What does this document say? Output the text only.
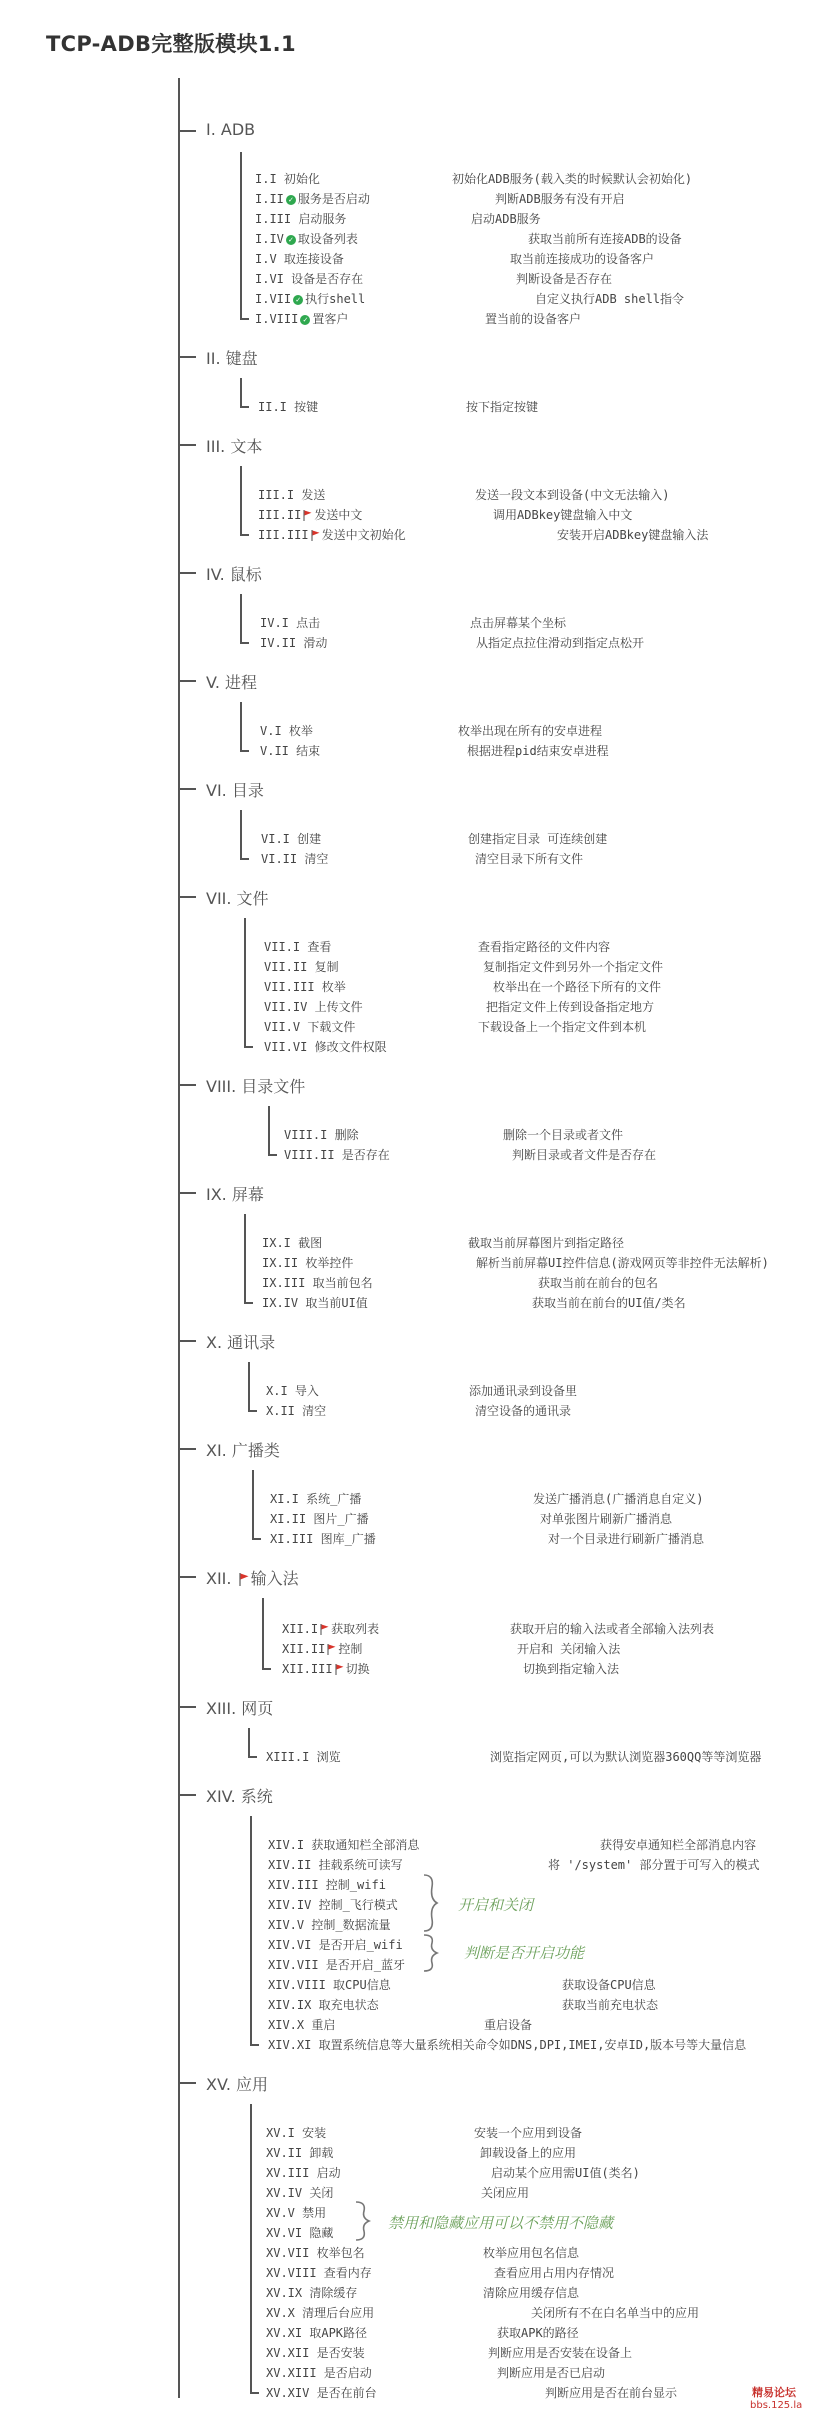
TCP-ADB完整版模块1.1
I. ADB
I.I 初始化	初始化ADB服务(载入类的时候默认会初始化)
I.II ✓ 服务是否启动	判断ADB服务有没有开启
I.III 启动服务	启动ADB服务
I.IV ✓ 取设备列表	获取当前所有连接ADB的设备
I.V 取连接设备	取当前连接成功的设备客户
I.VI 设备是否存在	判断设备是否存在
I.VII ✓ 执行shell	自定义执行ADB shell指令
I.VIII ✓ 置客户	置当前的设备客户
II. 键盘
II.I 按键	按下指定按键
III. 文本
III.I 发送	发送一段文本到设备(中文无法输入)
III.II 发送中文	调用ADBkey键盘输入中文
III.III 发送中文初始化	安装开启ADBkey键盘输入法
IV. 鼠标
IV.I 点击	点击屏幕某个坐标
IV.II 滑动	从指定点拉住滑动到指定点松开
V. 进程
V.I 枚举	枚举出现在所有的安卓进程
V.II 结束	根据进程pid结束安卓进程
VI. 目录
VI.I 创建	创建指定目录 可连续创建
VI.II 清空	清空目录下所有文件
VII. 文件
VII.I 查看	查看指定路径的文件内容
VII.II 复制	复制指定文件到另外一个指定文件
VII.III 枚举	枚举出在一个路径下所有的文件
VII.IV 上传文件	把指定文件上传到设备指定地方
VII.V 下载文件	下载设备上一个指定文件到本机
VII.VI 修改文件权限
VIII. 目录文件
VIII.I 删除	删除一个目录或者文件
VIII.II 是否存在	判断目录或者文件是否存在
IX. 屏幕
IX.I 截图	截取当前屏幕图片到指定路径
IX.II 枚举控件	解析当前屏幕UI控件信息(游戏网页等非控件无法解析)
IX.III 取当前包名	获取当前在前台的包名
IX.IV 取当前UI值	获取当前在前台的UI值/类名
X. 通讯录
X.I 导入	添加通讯录到设备里
X.II 清空	清空设备的通讯录
XI. 广播类
XI.I 系统_广播	发送广播消息(广播消息自定义)
XI.II 图片_广播	对单张图片刷新广播消息
XI.III 图库_广播	对一个目录进行刷新广播消息
XII. 输入法
XII.I 获取列表	获取开启的输入法或者全部输入法列表
XII.II 控制	开启和 关闭输入法
XII.III 切换	切换到指定输入法
XIII. 网页
XIII.I 浏览	浏览指定网页,可以为默认浏览器360QQ等等浏览器
XIV. 系统
XIV.I 获取通知栏全部消息	获得安卓通知栏全部消息内容
XIV.II 挂载系统可读写	将 '/system' 部分置于可写入的模式
XIV.III 控制_wifi
XIV.IV 控制_飞行模式
XIV.V 控制_数据流量
XIV.VI 是否开启_wifi
XIV.VII 是否开启_蓝牙
XIV.VIII 取CPU信息	获取设备CPU信息
XIV.IX 取充电状态	获取当前充电状态
XIV.X 重启	重启设备
XIV.XI 取置系统信息等大量系统相关命令如DNS,DPI,IMEI,安卓ID,版本号等大量信息
开启和关闭
判断是否开启功能
XV. 应用
XV.I 安装	安装一个应用到设备
XV.II 卸载	卸载设备上的应用
XV.III 启动	启动某个应用需UI值(类名)
XV.IV 关闭	关闭应用
XV.V 禁用
XV.VI 隐藏
XV.VII 枚举包名	枚举应用包名信息
XV.VIII 查看内存	查看应用占用内存情况
XV.IX 清除缓存	清除应用缓存信息
XV.X 清理后台应用	关闭所有不在白名单当中的应用
XV.XI 取APK路径	获取APK的路径
XV.XII 是否安装	判断应用是否安装在设备上
XV.XIII 是否启动	判断应用是否已启动
XV.XIV 是否在前台	判断应用是否在前台显示
禁用和隐藏应用可以不禁用不隐藏
精易论坛
bbs.125.la
